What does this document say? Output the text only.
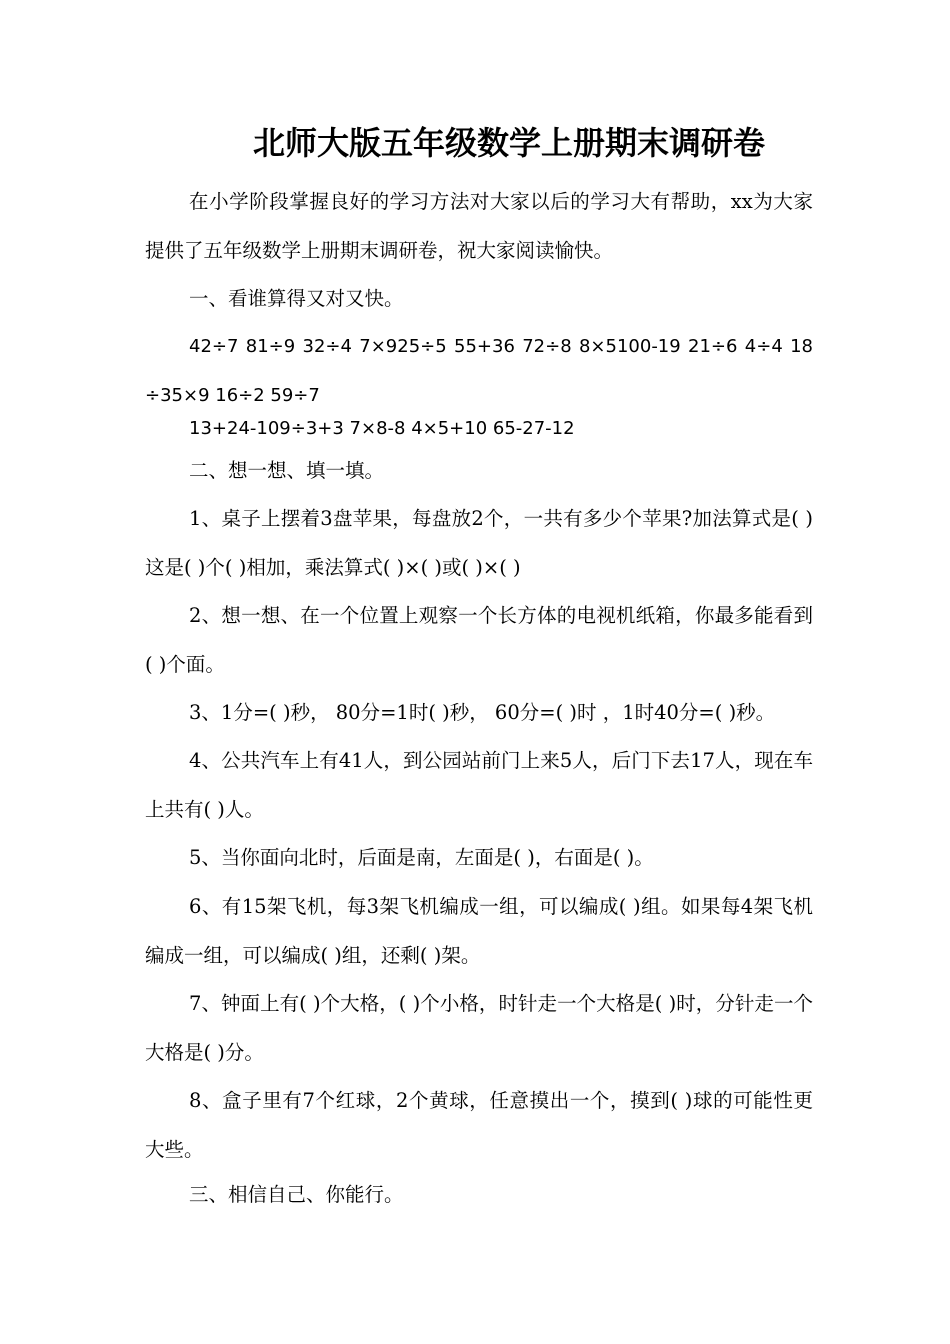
北师大版五年级数学上册期末调研卷
在小学阶段掌握良好的学习方法对大家以后的学习大有帮助，xx为大家提供了五年级数学上册期末调研卷，祝大家阅读愉快。
一、看谁算得又对又快。
42÷7 81÷9 32÷4 7×925÷5 55+36 72÷8 8×5100-19 21÷6 4÷4 18÷35×9 16÷2 59÷7
13+24-109÷3+3 7×8-8 4×5+10 65-27-12
二、想一想、填一填。
1、桌子上摆着3盘苹果，每盘放2个，一共有多少个苹果?加法算式是( )这是( )个( )相加，乘法算式( )×( )或( )×( )
2、想一想、在一个位置上观察一个长方体的电视机纸箱，你最多能看到( )个面。
3、1分=( )秒， 80分=1时( )秒， 60分=( )时 ，1时40分=( )秒。
4、公共汽车上有41人，到公园站前门上来5人，后门下去17人，现在车上共有( )人。
5、当你面向北时，后面是南，左面是( )，右面是( )。
6、有15架飞机，每3架飞机编成一组，可以编成( )组。如果每4架飞机编成一组，可以编成( )组，还剩( )架。
7、钟面上有( )个大格，( )个小格，时针走一个大格是( )时，分针走一个大格是( )分。
8、盒子里有7个红球，2个黄球，任意摸出一个，摸到( )球的可能性更大些。
三、相信自己、你能行。
